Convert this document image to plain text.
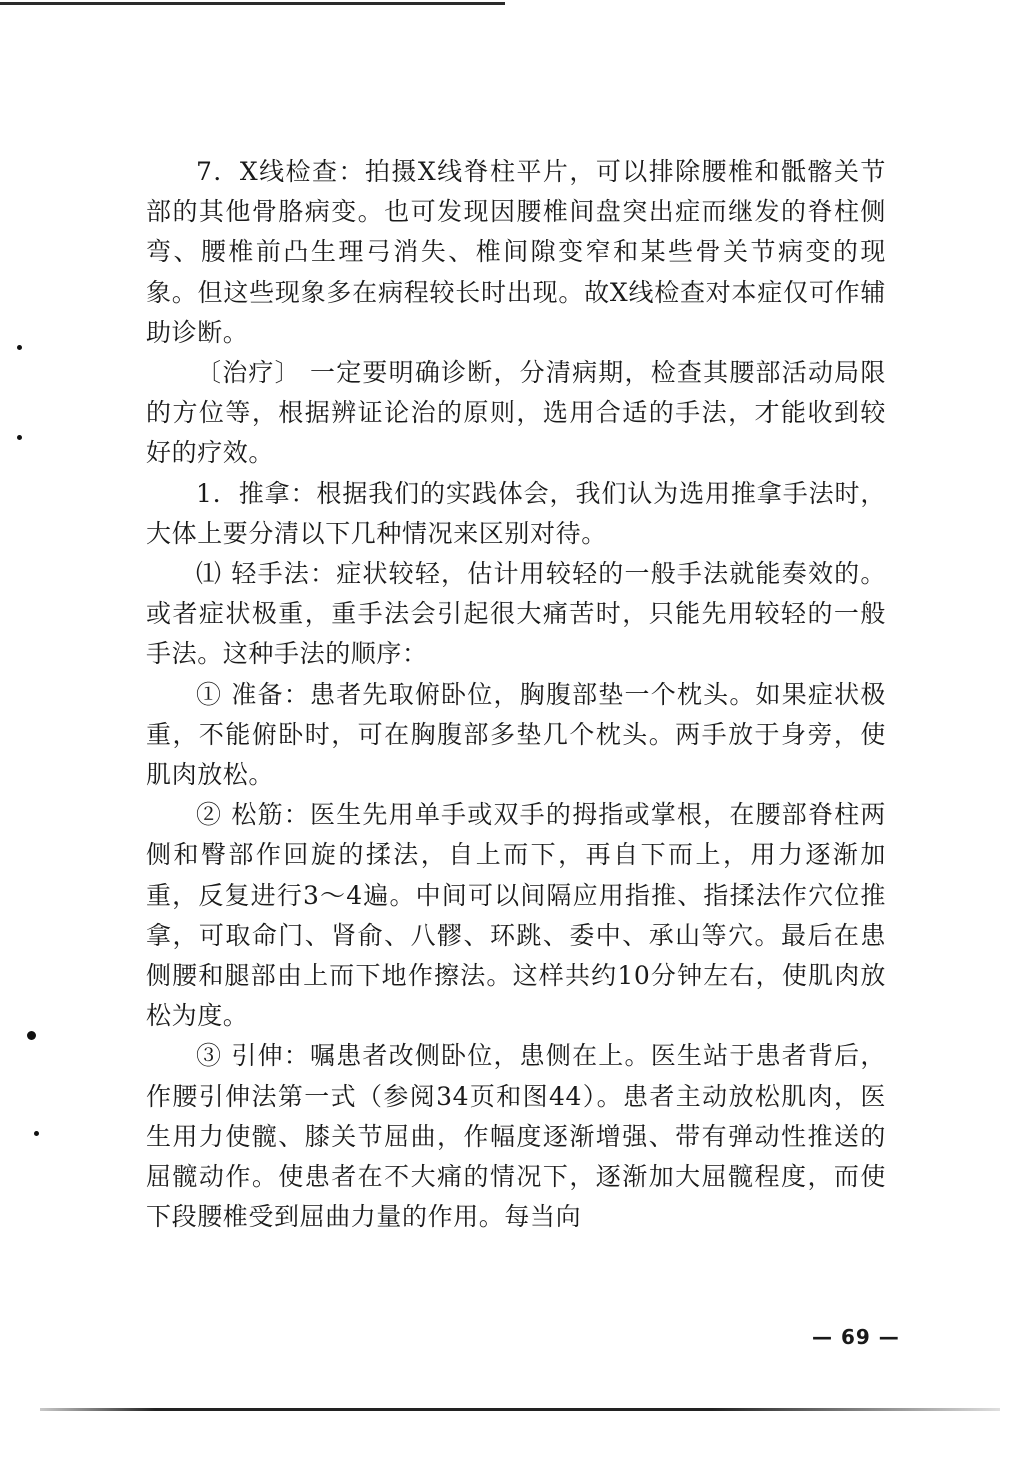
7．X线检查：拍摄X线脊柱平片，可以排除腰椎和骶髂关节部的其他骨胳病变。也可发现因腰椎间盘突出症而继发的脊柱侧弯、腰椎前凸生理弓消失、椎间隙变窄和某些骨关节病变的现象。但这些现象多在病程较长时出现。故X线检查对本症仅可作辅助诊断。

〔治疗〕 一定要明确诊断，分清病期，检查其腰部活动局限的方位等，根据辨证论治的原则，选用合适的手法，才能收到较好的疗效。

1．推拿：根据我们的实践体会，我们认为选用推拿手法时，大体上要分清以下几种情况来区别对待。

⑴ 轻手法：症状较轻，估计用较轻的一般手法就能奏效的。或者症状极重，重手法会引起很大痛苦时，只能先用较轻的一般手法。这种手法的顺序：

① 准备：患者先取俯卧位，胸腹部垫一个枕头。如果症状极重，不能俯卧时，可在胸腹部多垫几个枕头。两手放于身旁，使肌肉放松。

② 松筋：医生先用单手或双手的拇指或掌根，在腰部脊柱两侧和臀部作回旋的揉法，自上而下，再自下而上，用力逐渐加重，反复进行3～4遍。中间可以间隔应用指推、指揉法作穴位推拿，可取命门、肾俞、八髎、环跳、委中、承山等穴。最后在患侧腰和腿部由上而下地作擦法。这样共约10分钟左右，使肌肉放松为度。

③ 引伸：嘱患者改侧卧位，患侧在上。医生站于患者背后，作腰引伸法第一式（参阅34页和图44）。患者主动放松肌肉，医生用力使髋、膝关节屈曲，作幅度逐渐增强、带有弹动性推送的屈髋动作。使患者在不大痛的情况下，逐渐加大屈髋程度，而使下段腰椎受到屈曲力量的作用。每当向

— 69 —
